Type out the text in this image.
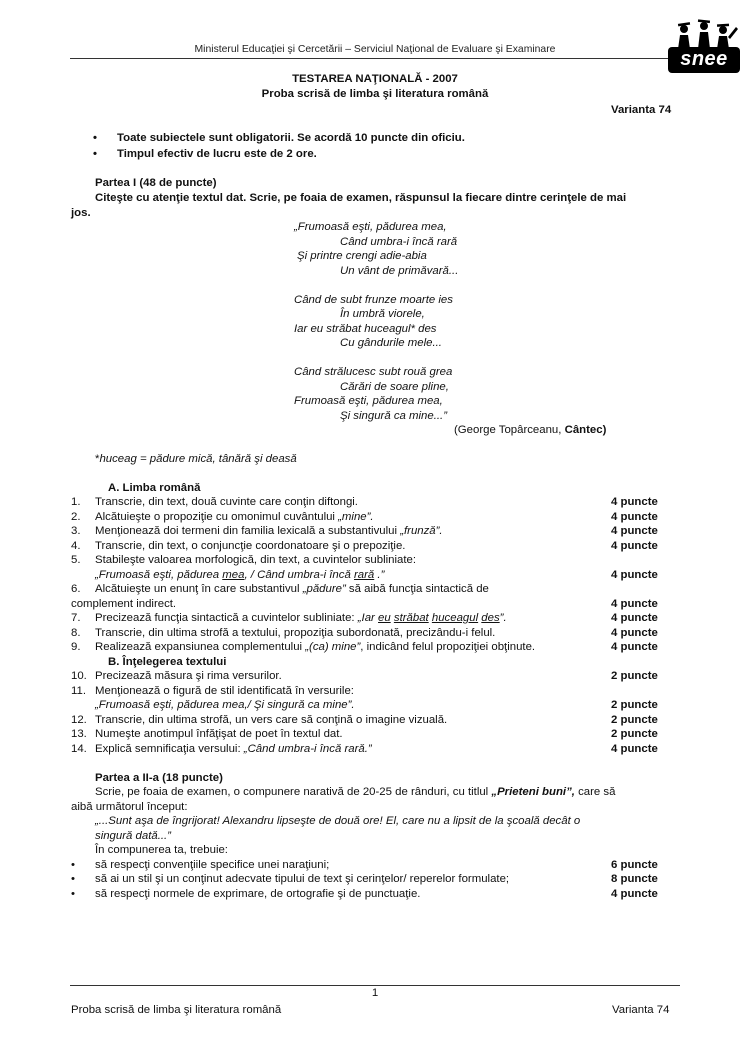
Ministerul Educaţiei şi Cercetării – Serviciul Naţional de Evaluare şi Examinare	snee
TESTAREA NAŢIONALĂ - 2007
Proba scrisă de limba şi literatura română
Varianta 74
• Toate subiectele sunt obligatorii. Se acordă 10 puncte din oficiu.
• Timpul efectiv de lucru este de 2 ore.
Partea I (48 de puncte)
Citeşte cu atenţie textul dat. Scrie, pe foaia de examen, răspunsul la fiecare dintre cerinţele de mai
jos.
„Frumoasă eşti, pădurea mea,
Când umbra-i încă rară
Şi printre crengi adie-abia
Un vânt de primăvară...
Când de subt frunze moarte ies
În umbră viorele,
Iar eu străbat huceagul* des
Cu gândurile mele...
Când strălucesc subt rouă grea
Cărări de soare pline,
Frumoasă eşti, pădurea mea,
Şi singură ca mine...”
(George Topârceanu, Cântec)
*huceag = pădure mică, tânără şi deasă
A. Limba română
1. Transcrie, din text, două cuvinte care conţin diftongi.	4 puncte
2. Alcătuieşte o propoziţie cu omonimul cuvântului „mine”.	4 puncte
3. Menţionează doi termeni din familia lexicală a substantivului „frunză”.	4 puncte
4. Transcrie, din text, o conjuncţie coordonatoare şi o prepoziţie.	4 puncte
5. Stabileşte valoarea morfologică, din text, a cuvintelor subliniate:
„Frumoasă eşti, pădurea mea, / Când umbra-i încă rară .”	4 puncte
6. Alcătuieşte un enunţ în care substantivul „pădure” să aibă funcţia sintactică de
complement indirect.	4 puncte
7. Precizează funcţia sintactică a cuvintelor subliniate: „Iar eu străbat huceagul des”.	4 puncte
8. Transcrie, din ultima strofă a textului, propoziţia subordonată, precizându-i felul.	4 puncte
9. Realizează expansiunea complementului „(ca) mine”, indicând felul propoziţiei obţinute.	4 puncte
B. Înţelegerea textului
10. Precizează măsura şi rima versurilor.	2 puncte
11. Menţionează o figură de stil identificată în versurile:
„Frumoasă eşti, pădurea mea,/ Şi singură ca mine”.	2 puncte
12. Transcrie, din ultima strofă, un vers care să conţină o imagine vizuală.	2 puncte
13. Numeşte anotimpul înfăţişat de poet în textul dat.	2 puncte
14. Explică semnificaţia versului: „Când umbra-i încă rară.”	4 puncte
Partea a II-a (18 puncte)
Scrie, pe foaia de examen, o compunere narativă de 20-25 de rânduri, cu titlul „Prieteni buni”, care să
aibă următorul început:
„...Sunt aşa de îngrijorat! Alexandru lipseşte de două ore! El, care nu a lipsit de la şcoală decât o
singură dată...”
În compunerea ta, trebuie:
• să respecţi convenţiile specifice unei naraţiuni;	6 puncte
• să ai un stil şi un conţinut adecvate tipului de text şi cerinţelor/ reperelor formulate;	8 puncte
• să respecţi normele de exprimare, de ortografie şi de punctuaţie.	4 puncte
1
Proba scrisă de limba şi literatura română	Varianta 74
